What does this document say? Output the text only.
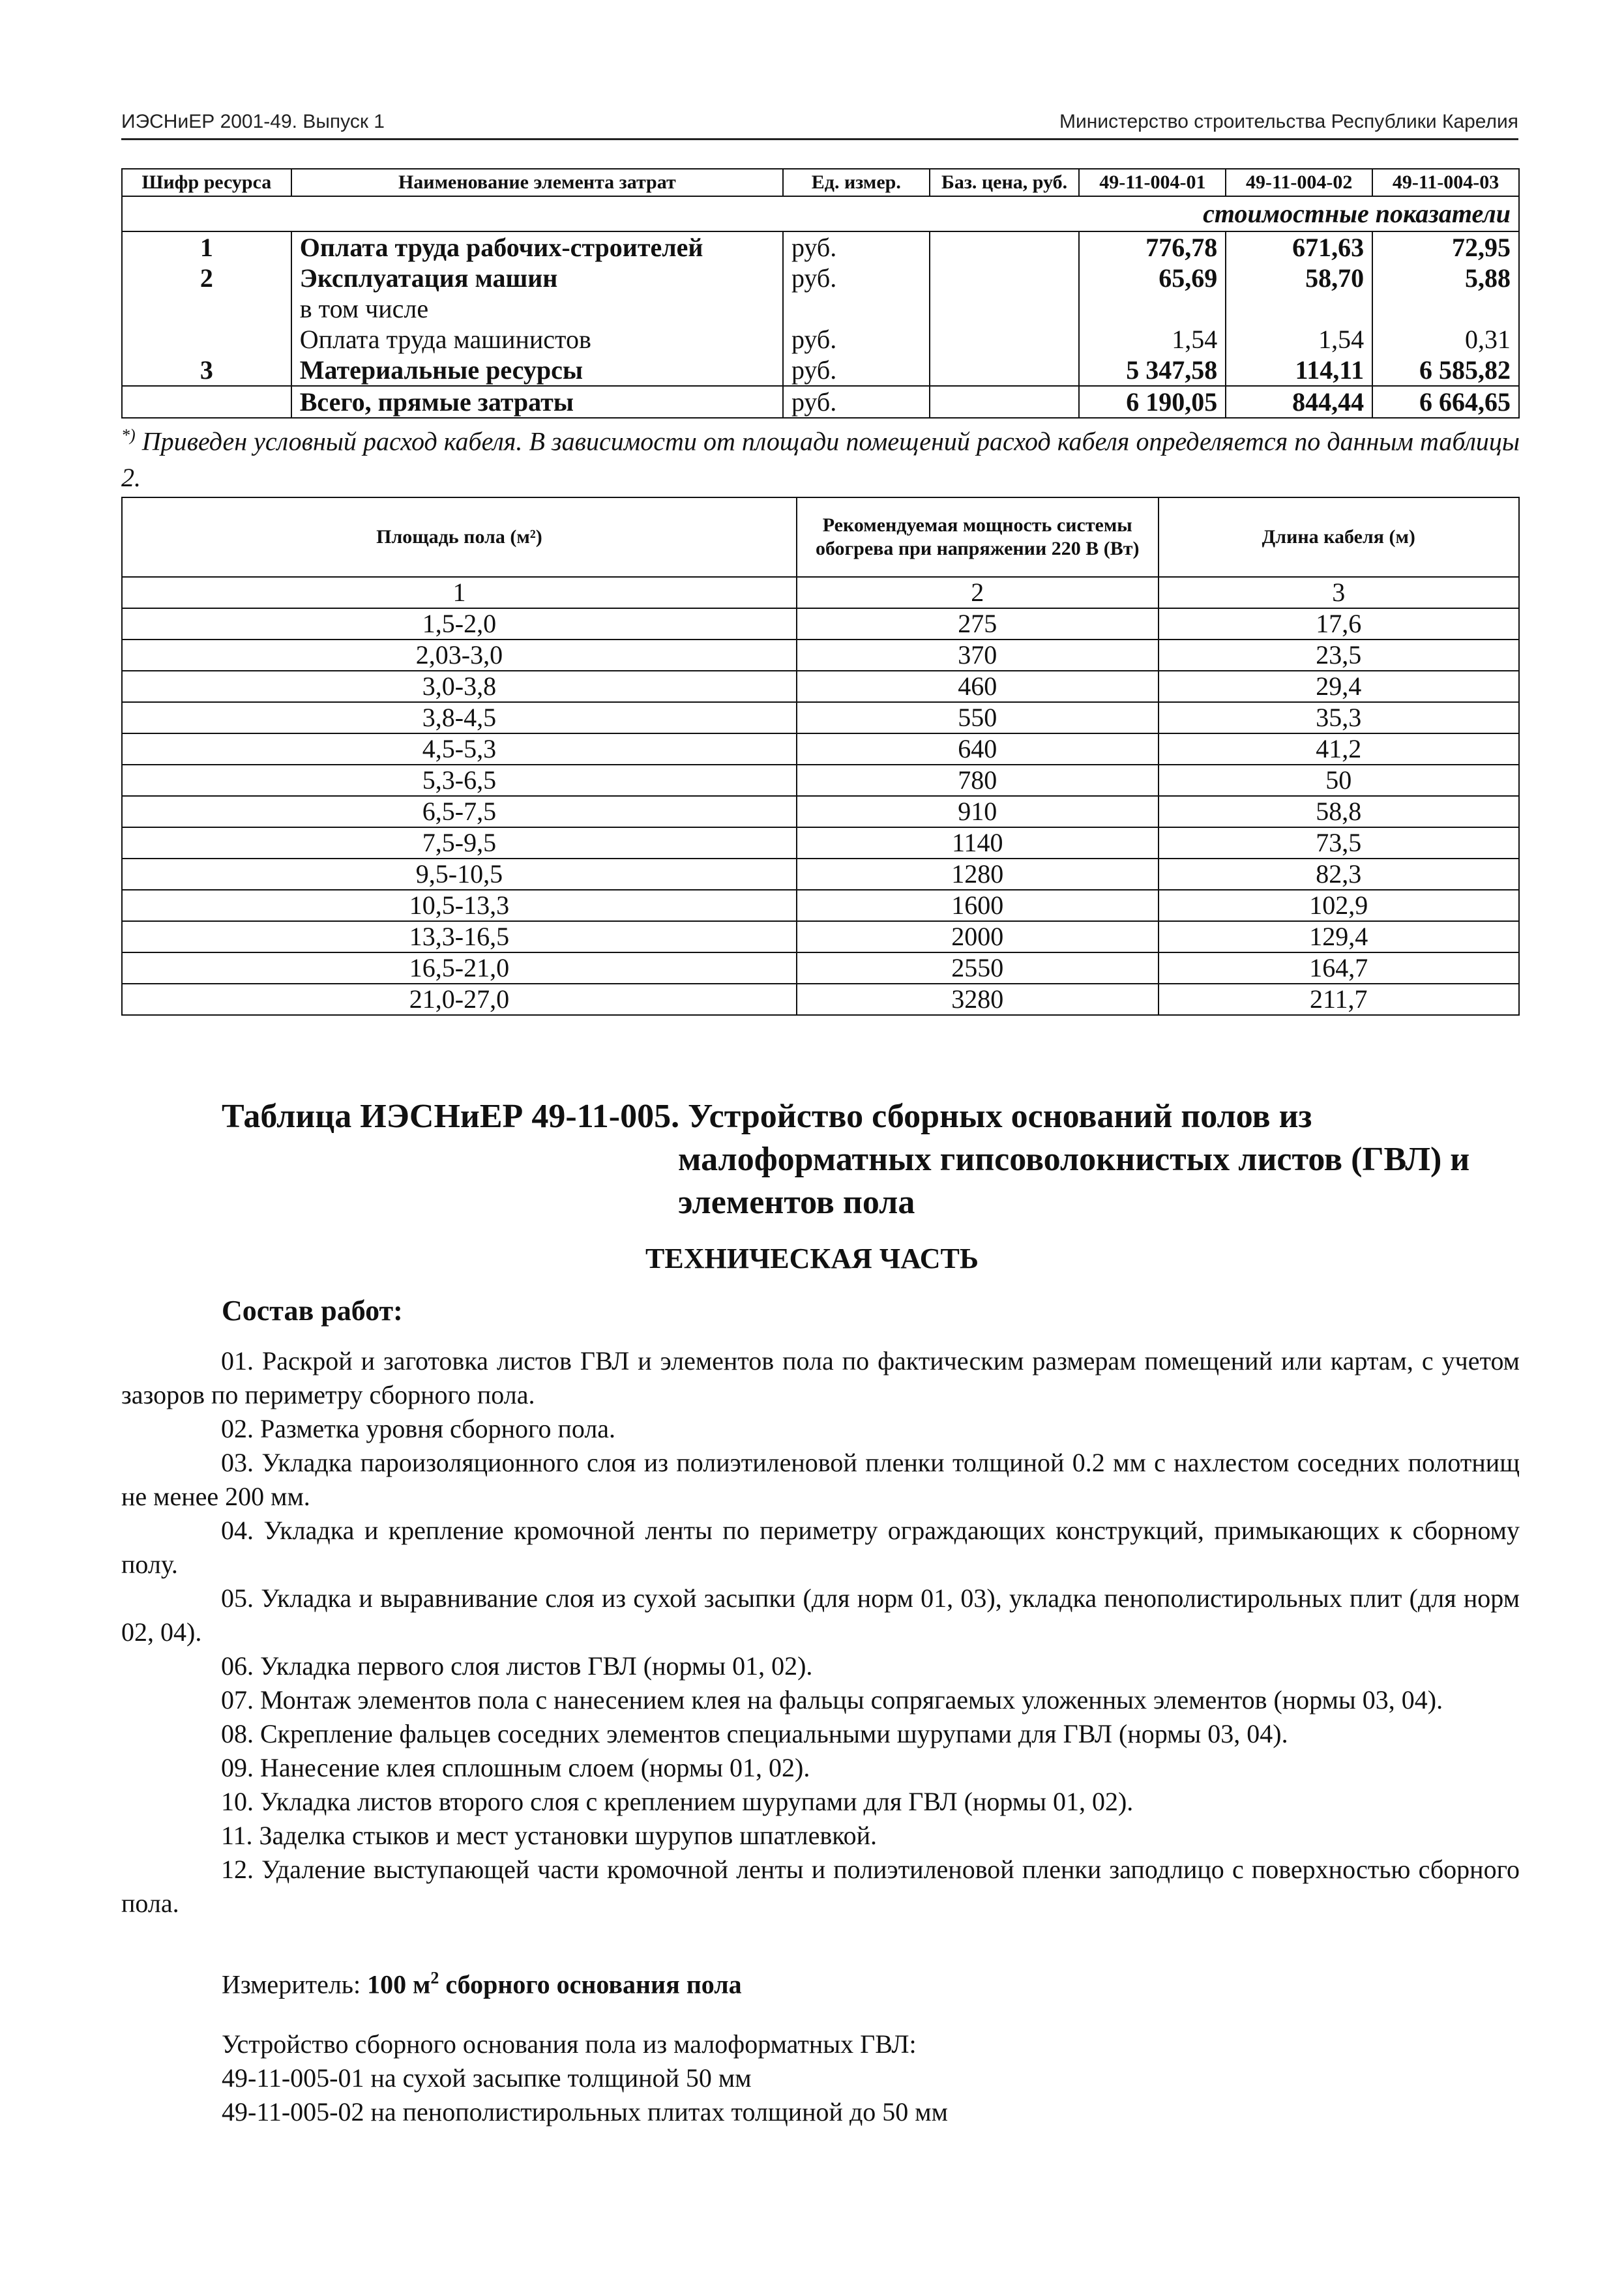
ИЭСНиЕР 2001-49. Выпуск 1	Министерство строительства Республики Карелия
Шифр ресурса	Наименование элемента затрат	Ед. измер.	Баз. цена, руб.	49-11-004-01	49-11-004-02	49-11-004-03
стоимостные показатели						
1	Оплата труда рабочих-строителей	руб.		776,78	671,63	72,95
2	Эксплуатация машин	руб.		65,69	58,70	5,88
	в том числе					
	Оплата труда машинистов	руб.		1,54	1,54	0,31
3	Материальные ресурсы	руб.		5 347,58	114,11	6 585,82
	Всего, прямые затраты	руб.		6 190,05	844,44	6 664,65
*) Приведен условный расход кабеля. В зависимости от площади помещений расход кабеля определяется по данным таблицы 2.
Площадь пола (м²)	Рекомендуемая мощность системы обогрева при напряжении 220 В (Вт)	Длина кабеля (м)
1	2	3
1,5-2,0	275	17,6
2,03-3,0	370	23,5
3,0-3,8	460	29,4
3,8-4,5	550	35,3
4,5-5,3	640	41,2
5,3-6,5	780	50
6,5-7,5	910	58,8
7,5-9,5	1140	73,5
9,5-10,5	1280	82,3
10,5-13,3	1600	102,9
13,3-16,5	2000	129,4
16,5-21,0	2550	164,7
21,0-27,0	3280	211,7
Таблица ИЭСНиЕР 49-11-005. Устройство сборных оснований полов из
малоформатных гипсоволокнистых листов (ГВЛ) и
элементов пола
ТЕХНИЧЕСКАЯ ЧАСТЬ
Состав работ:

01. Раскрой и заготовка листов ГВЛ и элементов пола по фактическим размерам помещений или картам, с учетом зазоров по периметру сборного пола.

02. Разметка уровня сборного пола.

03. Укладка пароизоляционного слоя из полиэтиленовой пленки толщиной 0.2 мм с нахлестом соседних полотнищ не менее 200 мм.

04. Укладка и крепление кромочной ленты по периметру ограждающих конструкций, примыкающих к сборному полу.

05. Укладка и выравнивание слоя из сухой засыпки (для норм 01, 03), укладка пенополистирольных плит (для норм 02, 04).

06. Укладка первого слоя листов ГВЛ (нормы 01, 02).

07. Монтаж элементов пола с нанесением клея на фальцы сопрягаемых уложенных элементов (нормы 03, 04).

08. Скрепление фальцев соседних элементов специальными шурупами для ГВЛ (нормы 03, 04).

09. Нанесение клея сплошным слоем (нормы 01, 02).

10. Укладка листов второго слоя с креплением шурупами для ГВЛ (нормы 01, 02).

11. Заделка стыков и мест установки шурупов шпатлевкой.

12. Удаление выступающей части кромочной ленты и полиэтиленовой пленки заподлицо с поверхностью сборного пола.

Измеритель: 100 $м^2$ сборного основания пола
Устройство сборного основания пола из малоформатных ГВЛ:
49-11-005-01 на сухой засыпке толщиной 50 мм
49-11-005-02 на пенополистирольных плитах толщиной до 50 мм
